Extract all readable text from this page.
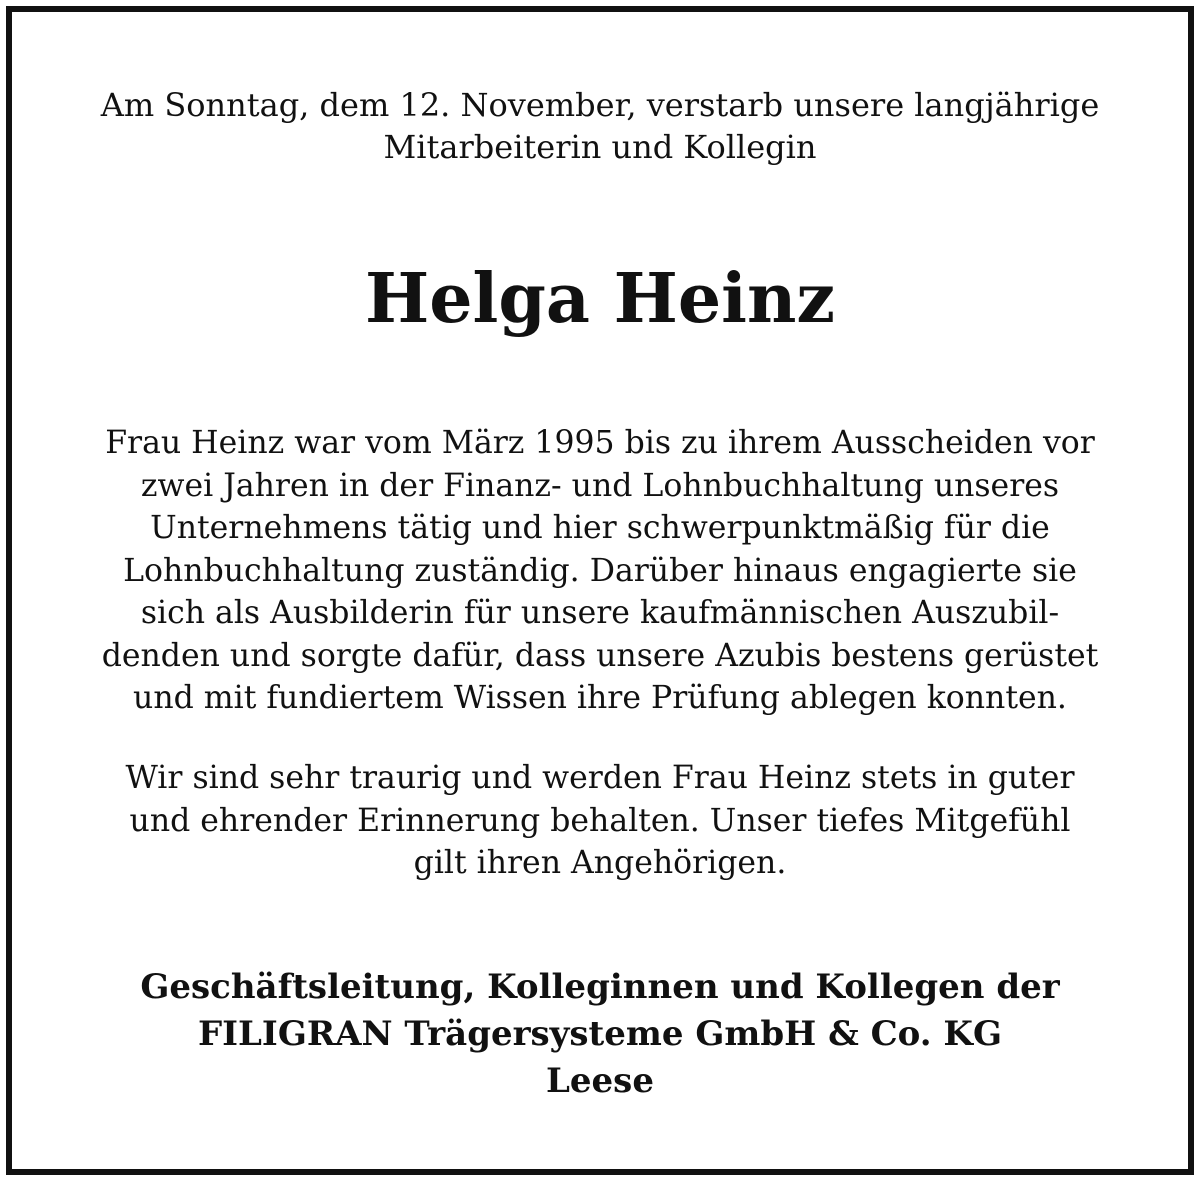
Am Sonntag, dem 12. November, verstarb unsere langjährige
Mitarbeiterin und Kollegin
Helga Heinz
Frau Heinz war vom März 1995 bis zu ihrem Ausscheiden vor
zwei Jahren in der Finanz- und Lohnbuchhaltung unseres
Unternehmens tätig und hier schwerpunktmäßig für die
Lohnbuchhaltung zuständig. Darüber hinaus engagierte sie
sich als Ausbilderin für unsere kaufmännischen Auszubil-
denden und sorgte dafür, dass unsere Azubis bestens gerüstet
und mit fundiertem Wissen ihre Prüfung ablegen konnten.
Wir sind sehr traurig und werden Frau Heinz stets in guter
und ehrender Erinnerung behalten. Unser tiefes Mitgefühl
gilt ihren Angehörigen.
Geschäftsleitung, Kolleginnen und Kollegen der
FILIGRAN Trägersysteme GmbH & Co. KG
Leese
